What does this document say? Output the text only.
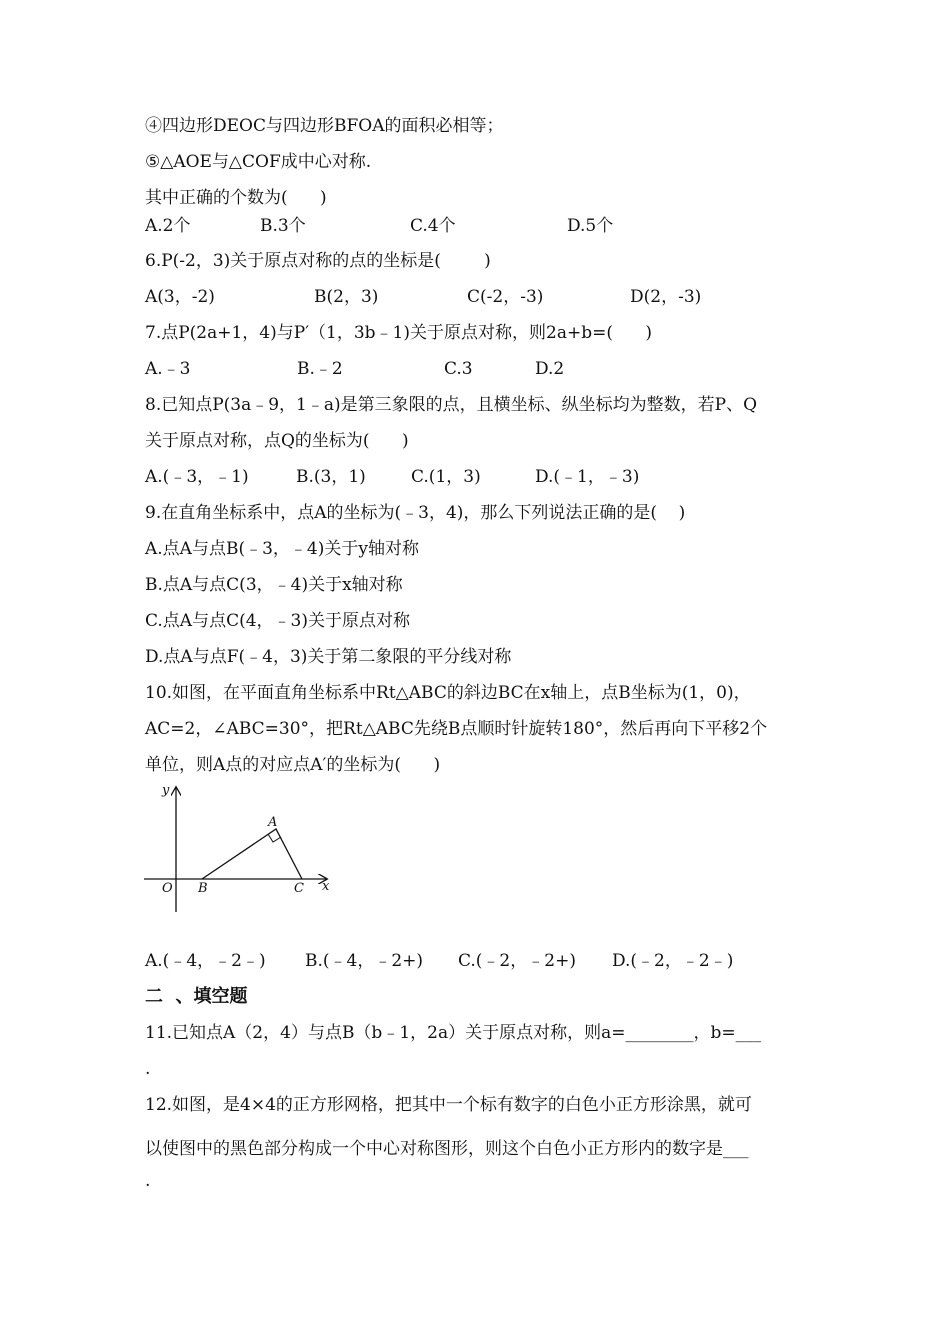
④四边形DEOC与四边形BFOA的面积必相等；
⑤△AOE与△COF成中心对称.
其中正确的个数为(      )
A.2个	B.3个	C.4个	D.5个
6.P(-2，3)关于原点对称的点的坐标是(        )
A(3，-2)	B(2，3)	C(-2，-3)	D(2，-3)
7.点P(2a+1，4)与P′（1，3b﹣1)关于原点对称，则2a+b=(      )
A.﹣3	B.﹣2	C.3	D.2
8.已知点P(3a﹣9，1﹣a)是第三象限的点，且横坐标、纵坐标均为整数，若P、Q
关于原点对称，点Q的坐标为(      )
A.(﹣3，﹣1)	B.(3，1)	C.(1，3)	D.(﹣1，﹣3)
9.在直角坐标系中，点A的坐标为(﹣3，4)，那么下列说法正确的是(    )
A.点A与点B(﹣3，﹣4)关于y轴对称
B.点A与点C(3，﹣4)关于x轴对称
C.点A与点C(4，﹣3)关于原点对称
D.点A与点F(﹣4，3)关于第二象限的平分线对称
10.如图，在平面直角坐标系中Rt△ABC的斜边BC在x轴上，点B坐标为(1，0)，
AC=2，∠ABC=30°，把Rt△ABC先绕B点顺时针旋转180°，然后再向下平移2个
单位，则A点的对应点A′的坐标为(      )
y
x
O
A
B	C
A.(﹣4，﹣2﹣) B.(﹣4，﹣2+) C.(﹣2，﹣2+) D.(﹣2，﹣2﹣)
二  、填空题
11.已知点A（2，4）与点B（b﹣1，2a）关于原点对称，则a=________，b=___
.
12.如图，是4×4的正方形网格，把其中一个标有数字的白色小正方形涂黑，就可
以使图中的黑色部分构成一个中心对称图形，则这个白色小正方形内的数字是___
.
